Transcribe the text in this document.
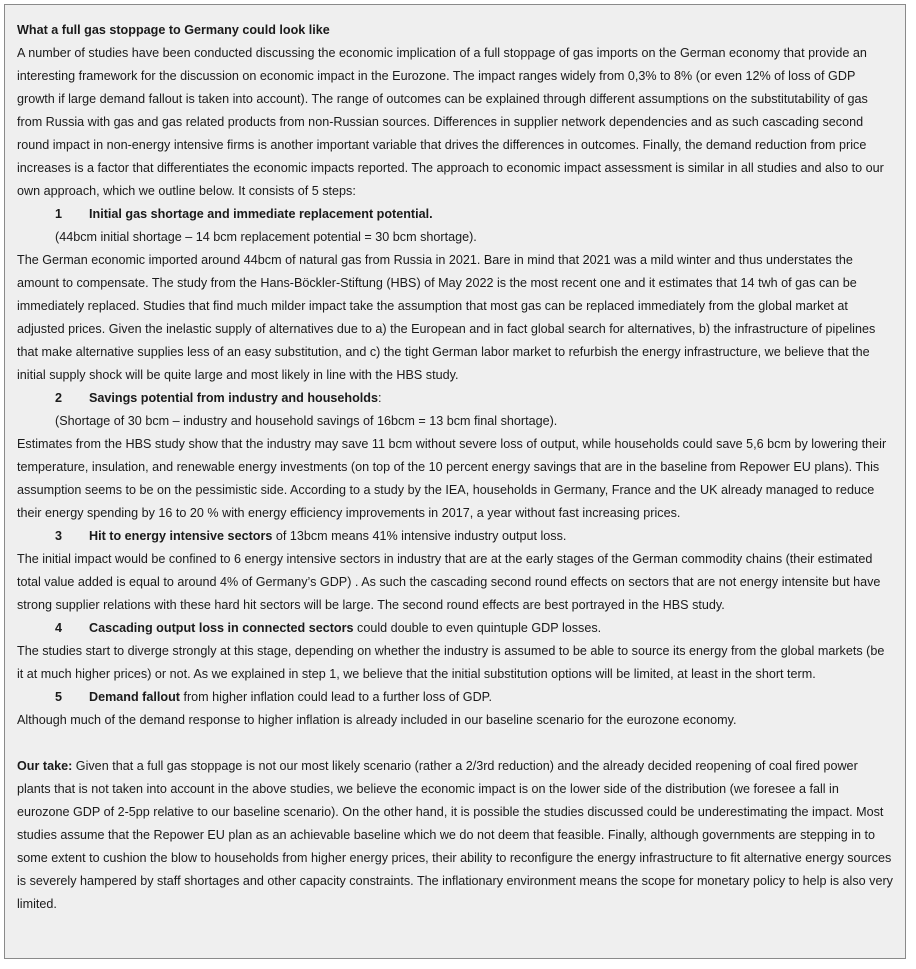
What a full gas stoppage to Germany could look like

A number of studies have been conducted discussing the economic implication of a full stoppage of gas imports on the German economy that provide an interesting framework for the discussion on economic impact in the Eurozone. The impact ranges widely from 0,3% to 8% (or even 12% of loss of GDP growth if large demand fallout is taken into account). The range of outcomes can be explained through different assumptions on the substitutability of gas from Russia with gas and gas related products from non-Russian sources. Differences in supplier network dependencies and as such cascading second round impact in non-energy intensive firms is another important variable that drives the differences in outcomes. Finally, the demand reduction from price increases is a factor that differentiates the economic impacts reported. The approach to economic impact assessment is similar in all studies and also to our own approach, which we outline below. It consists of 5 steps:

1 Initial gas shortage and immediate replacement potential.

(44bcm initial shortage – 14 bcm replacement potential = 30 bcm shortage).

The German economic imported around 44bcm of natural gas from Russia in 2021. Bare in mind that 2021 was a mild winter and thus understates the amount to compensate. The study from the Hans-Böckler-Stiftung (HBS) of May 2022 is the most recent one and it estimates that 14 twh of gas can be immediately replaced. Studies that find much milder impact take the assumption that most gas can be replaced immediately from the global market at adjusted prices. Given the inelastic supply of alternatives due to a) the European and in fact global search for alternatives, b) the infrastructure of pipelines that make alternative supplies less of an easy substitution, and c) the tight German labor market to refurbish the energy infrastructure, we believe that the initial supply shock will be quite large and most likely in line with the HBS study.

2 Savings potential from industry and households:

(Shortage of 30 bcm – industry and household savings of 16bcm = 13 bcm final shortage).

Estimates from the HBS study show that the industry may save 11 bcm without severe loss of output, while households could save 5,6 bcm by lowering their temperature, insulation, and renewable energy investments (on top of the 10 percent energy savings that are in the baseline from Repower EU plans). This assumption seems to be on the pessimistic side. According to a study by the IEA, households in Germany, France and the UK already managed to reduce their energy spending by 16 to 20 % with energy efficiency improvements in 2017, a year without fast increasing prices.

3 Hit to energy intensive sectors of 13bcm means 41% intensive industry output loss.

The initial impact would be confined to 6 energy intensive sectors in industry that are at the early stages of the German commodity chains (their estimated total value added is equal to around 4% of Germany’s GDP) . As such the cascading second round effects on sectors that are not energy intensite but have strong supplier relations with these hard hit sectors will be large. The second round effects are best portrayed in the HBS study.

4 Cascading output loss in connected sectors could double to even quintuple GDP losses.

The studies start to diverge strongly at this stage, depending on whether the industry is assumed to be able to source its energy from the global markets (be it at much higher prices) or not. As we explained in step 1, we believe that the initial substitution options will be limited, at least in the short term.

5 Demand fallout from higher inflation could lead to a further loss of GDP.

Although much of the demand response to higher inflation is already included in our baseline scenario for the eurozone economy.

Our take: Given that a full gas stoppage is not our most likely scenario (rather a 2/3rd reduction) and the already decided reopening of coal fired power plants that is not taken into account in the above studies, we believe the economic impact is on the lower side of the distribution (we foresee a fall in eurozone GDP of 2-5pp relative to our baseline scenario). On the other hand, it is possible the studies discussed could be underestimating the impact. Most studies assume that the Repower EU plan as an achievable baseline which we do not deem that feasible. Finally, although governments are stepping in to some extent to cushion the blow to households from higher energy prices, their ability to reconfigure the energy infrastructure to fit alternative energy sources is severely hampered by staff shortages and other capacity constraints. The inflationary environment means the scope for monetary policy to help is also very limited.
